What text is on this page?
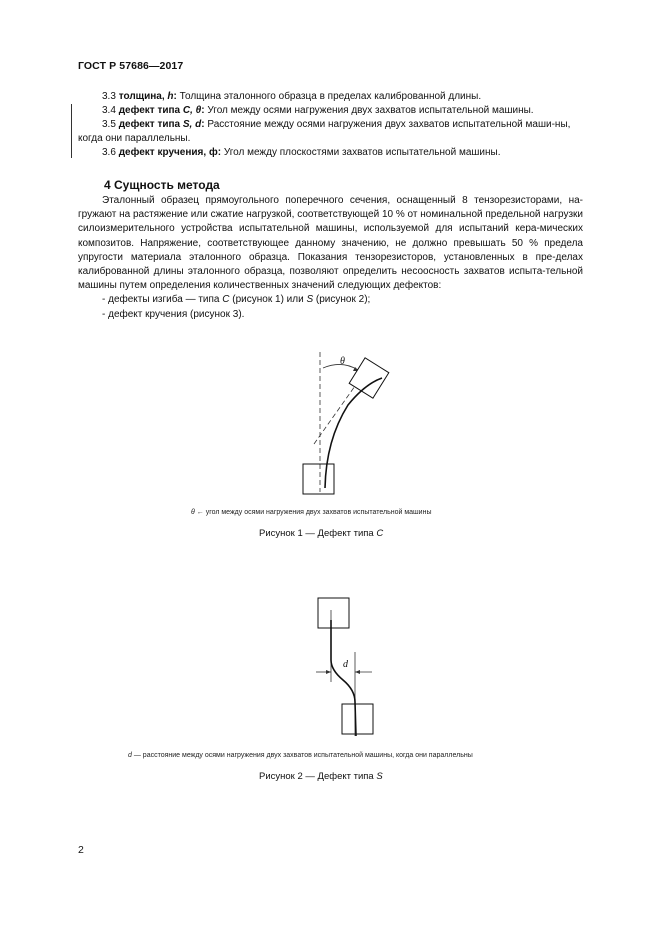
ГОСТ Р 57686—2017

3.3 толщина, h: Толщина эталонного образца в пределах калиброванной длины.

3.4 дефект типа С, θ: Угол между осями нагружения двух захватов испытательной машины.

3.5 дефект типа S, d: Расстояние между осями нагружения двух захватов испытательной маши-ны, когда они параллельны.

3.6 дефект кручения, ф: Угол между плоскостями захватов испытательной машины.

4 Сущность метода

Эталонный образец прямоугольного поперечного сечения, оснащенный 8 тензорезисторами, на-гружают на растяжение или сжатие нагрузкой, соответствующей 10 % от номинальной предельной нагрузки силоизмерительного устройства испытательной машины, используемой для испытаний кера-мических композитов. Напряжение, соответствующее данному значению, не должно превышать 50 % предела упругости материала эталонного образца. Показания тензорезисторов, установленных в пре-делах калиброванной длины эталонного образца, позволяют определить несоосность захватов испыта-тельной машины путем определения количественных значений следующих дефектов:

- дефекты изгиба — типа С (рисунок 1) или S (рисунок 2);

- дефект кручения (рисунок 3).

θ
θ ← угол между осями нагружения двух захватов испытательной машины
Рисунок 1 — Дефект типа С
d
d — расстояние между осями нагружения двух захватов испытательной машины, когда они параллельны
Рисунок 2 — Дефект типа S
2
